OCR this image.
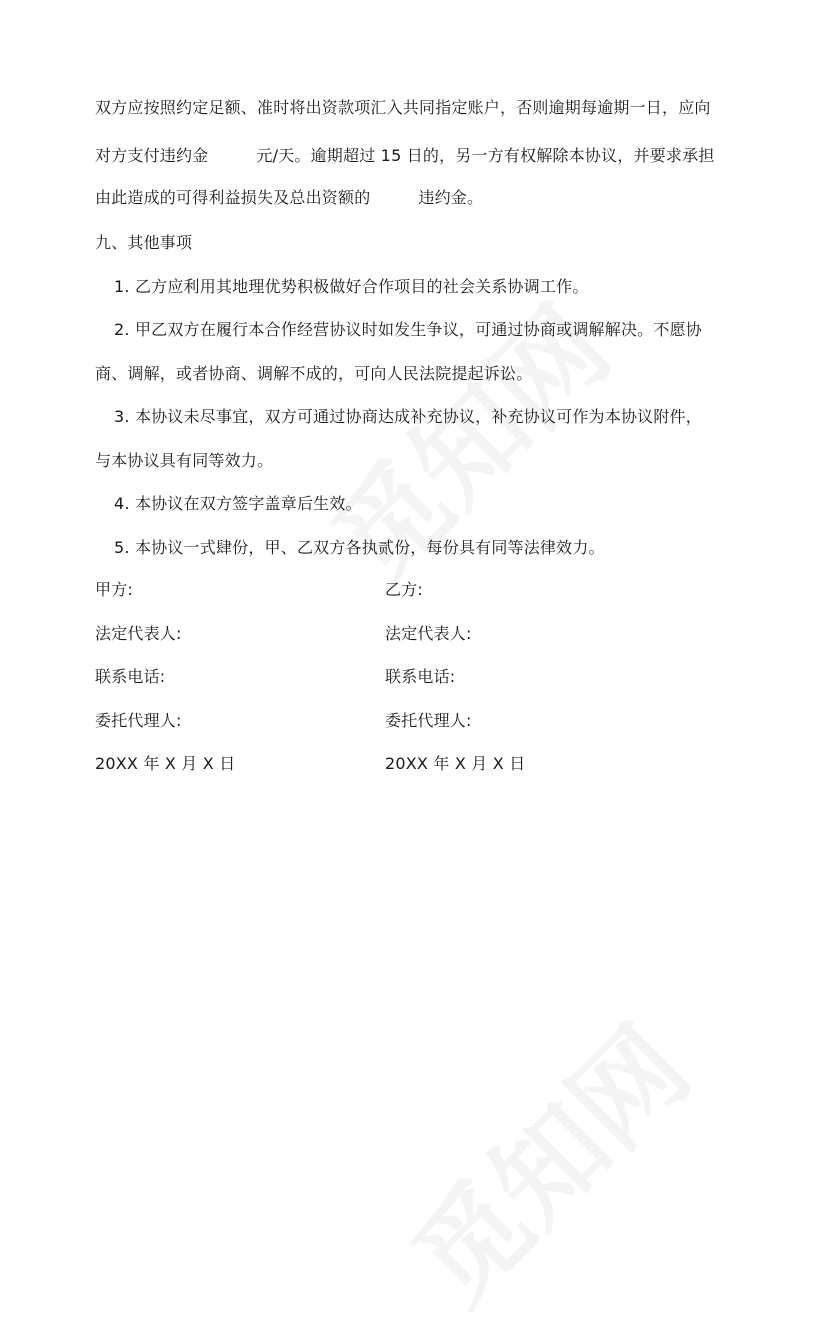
双方应按照约定足额、准时将出资款项汇入共同指定账户，否则逾期每逾期一日，应向
对方支付违约金	元/天。逾期超过 15 日的，另一方有权解除本协议，并要求承担
由此造成的可得利益损失及总出资额的	违约金。
九、其他事项
1. 乙方应利用其地理优势积极做好合作项目的社会关系协调工作。
2. 甲乙双方在履行本合作经营协议时如发生争议，可通过协商或调解解决。不愿协
商、调解，或者协商、调解不成的，可向人民法院提起诉讼。
3. 本协议未尽事宜，双方可通过协商达成补充协议，补充协议可作为本协议附件，
与本协议具有同等效力。
4. 本协议在双方签字盖章后生效。
5. 本协议一式肆份，甲、乙双方各执贰份，每份具有同等法律效力。
甲方:
法定代表人:
联系电话:
委托代理人:
20XX 年 X 月 X 日
乙方:
法定代表人:
联系电话:
委托代理人:
20XX 年 X 月 X 日
